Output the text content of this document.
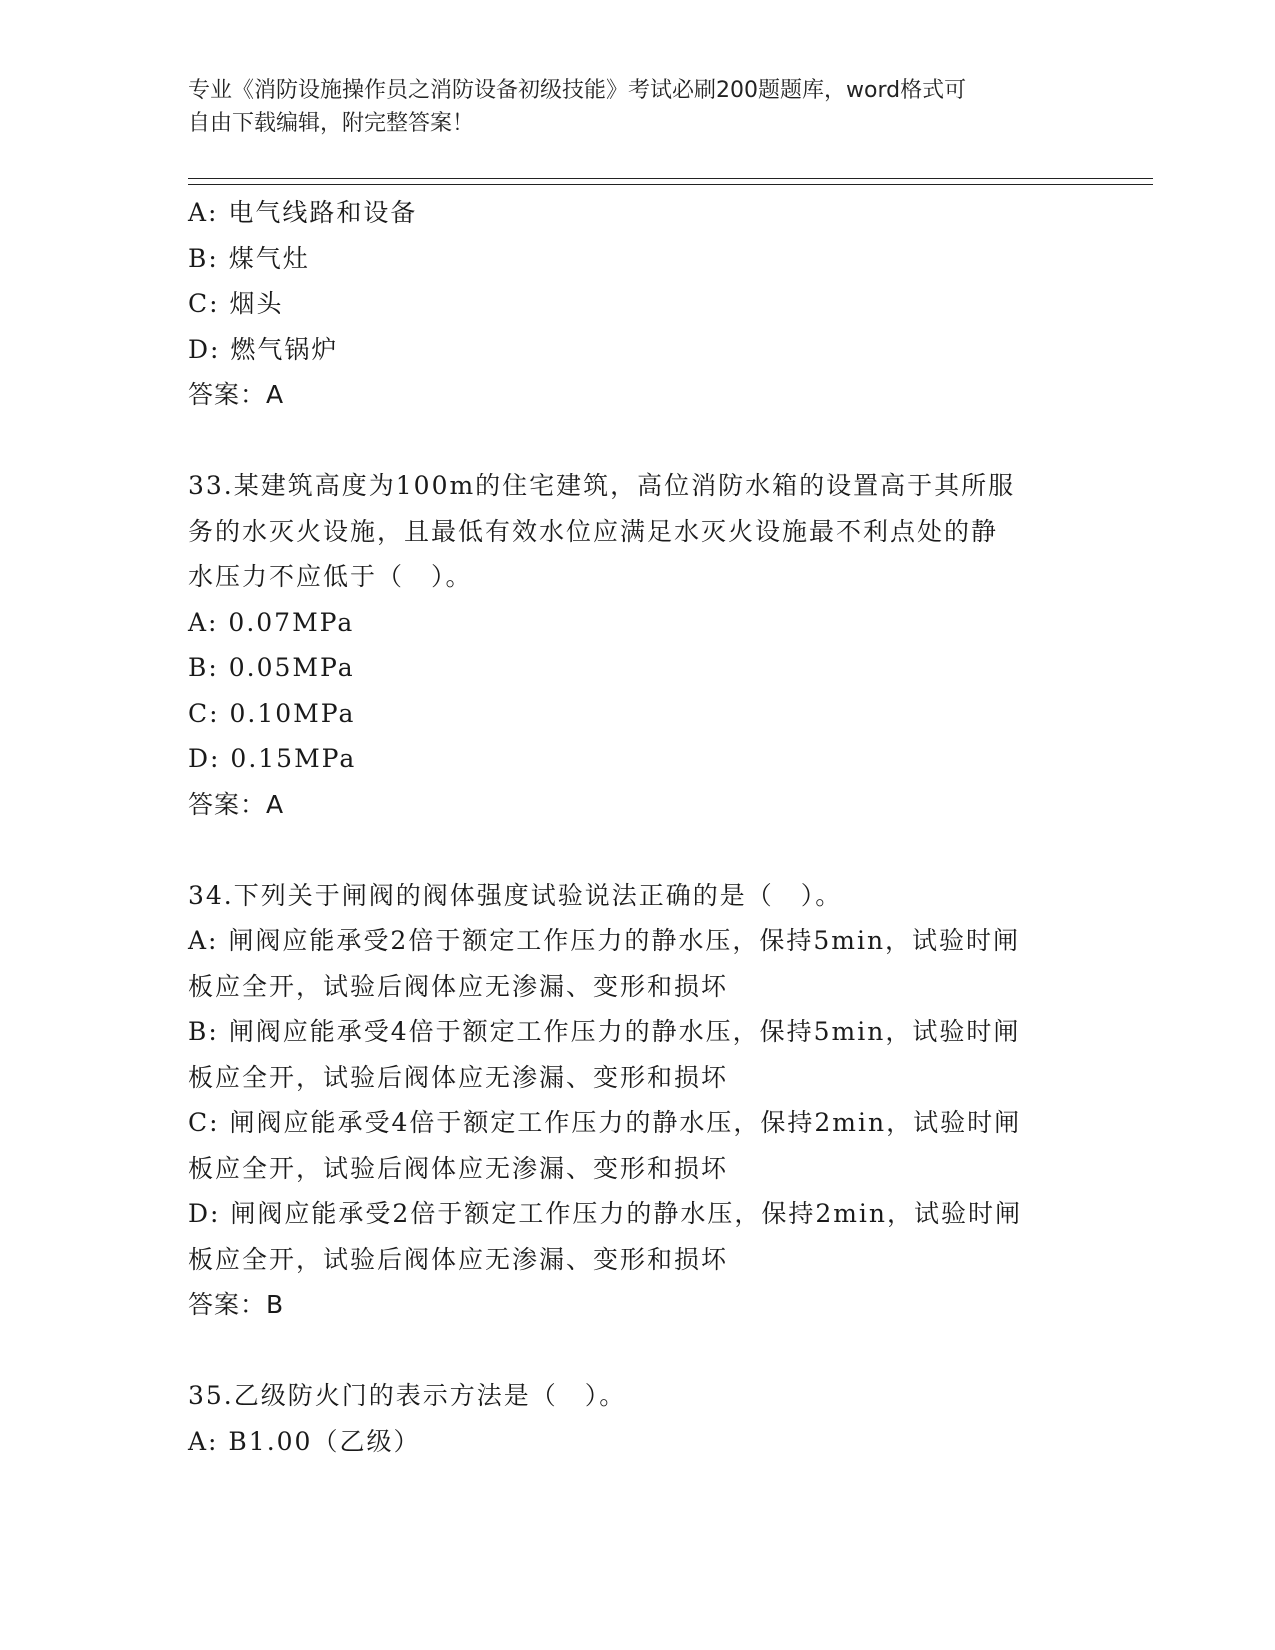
专业《消防设施操作员之消防设备初级技能》考试必刷200题题库，word格式可
自由下载编辑，附完整答案！
A: 电气线路和设备
B: 煤气灶
C: 烟头
D: 燃气锅炉
答案：A
33.某建筑高度为100m的住宅建筑，高位消防水箱的设置高于其所服
务的水灭火设施，且最低有效水位应满足水灭火设施最不利点处的静
水压力不应低于（　）。
A: 0.07MPa
B: 0.05MPa
C: 0.10MPa
D: 0.15MPa
答案：A
34.下列关于闸阀的阀体强度试验说法正确的是（　）。
A: 闸阀应能承受2倍于额定工作压力的静水压，保持5min，试验时闸
板应全开，试验后阀体应无渗漏、变形和损坏
B: 闸阀应能承受4倍于额定工作压力的静水压，保持5min，试验时闸
板应全开，试验后阀体应无渗漏、变形和损坏
C: 闸阀应能承受4倍于额定工作压力的静水压，保持2min，试验时闸
板应全开，试验后阀体应无渗漏、变形和损坏
D: 闸阀应能承受2倍于额定工作压力的静水压，保持2min，试验时闸
板应全开，试验后阀体应无渗漏、变形和损坏
答案：B
35.乙级防火门的表示方法是（　）。
A: B1.00（乙级）
